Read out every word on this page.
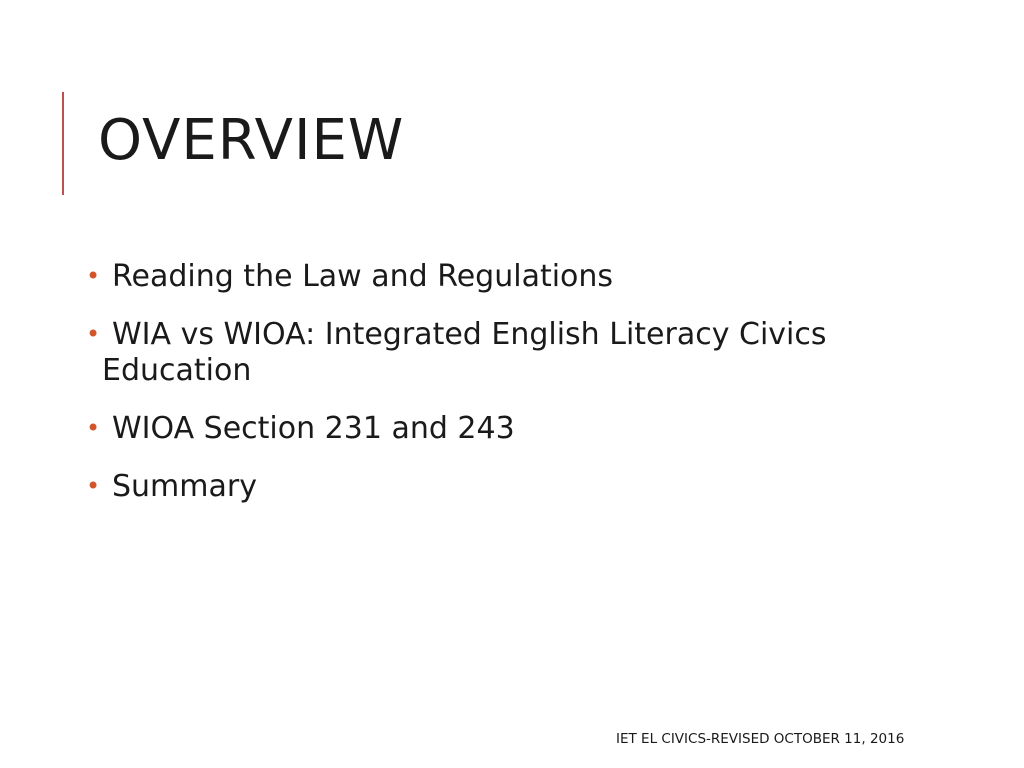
OVERVIEW
• Reading the Law and Regulations
• WIA vs WIOA: Integrated English Literacy Civics Education
• WIOA Section 231 and 243
• Summary

IET EL CIVICS-REVISED OCTOBER 11, 2016
